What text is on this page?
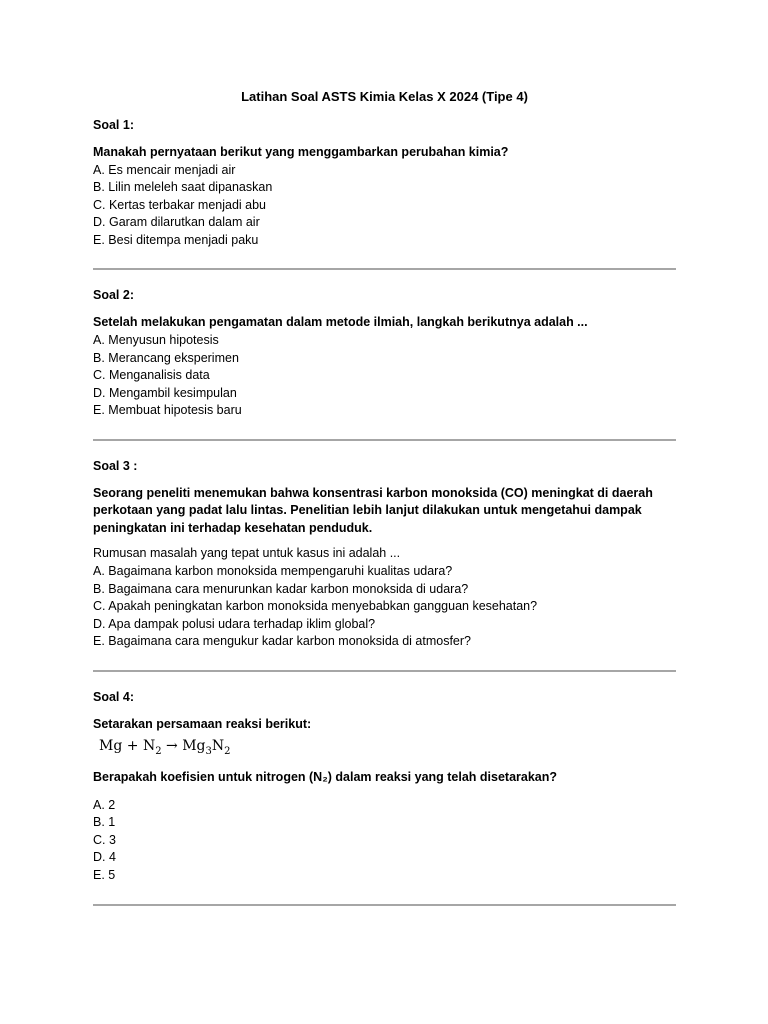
Latihan Soal ASTS Kimia Kelas X 2024 (Tipe 4)

Soal 1:

Manakah pernyataan berikut yang menggambarkan perubahan kimia?

A. Es mencair menjadi air

B. Lilin meleleh saat dipanaskan

C. Kertas terbakar menjadi abu

D. Garam dilarutkan dalam air

E. Besi ditempa menjadi paku

Soal 2:

Setelah melakukan pengamatan dalam metode ilmiah, langkah berikutnya adalah ...

A. Menyusun hipotesis

B. Merancang eksperimen

C. Menganalisis data

D. Mengambil kesimpulan

E. Membuat hipotesis baru

Soal 3 :

Seorang peneliti menemukan bahwa konsentrasi karbon monoksida (CO) meningkat di daerah perkotaan yang padat lalu lintas. Penelitian lebih lanjut dilakukan untuk mengetahui dampak peningkatan ini terhadap kesehatan penduduk.

Rumusan masalah yang tepat untuk kasus ini adalah ...

A. Bagaimana karbon monoksida mempengaruhi kualitas udara?

B. Bagaimana cara menurunkan kadar karbon monoksida di udara?

C. Apakah peningkatan karbon monoksida menyebabkan gangguan kesehatan?

D. Apa dampak polusi udara terhadap iklim global?

E. Bagaimana cara mengukur kadar karbon monoksida di atmosfer?

Soal 4:

Setarakan persamaan reaksi berikut:

$Mg + N_2 \to Mg_3N_2$

Berapakah koefisien untuk nitrogen (N₂) dalam reaksi yang telah disetarakan?

A. 2

B. 1

C. 3

D. 4

E. 5
